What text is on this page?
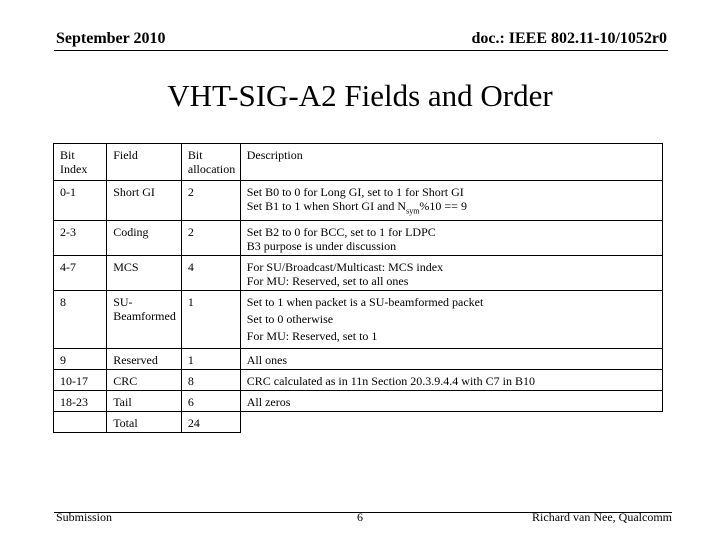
September 2010	doc.: IEEE 802.11-10/1052r0
VHT-SIG-A2 Fields and Order
Bit Index	Field	Bit allocation	Description
0-1	Short GI	2	Set B0 to 0 for Long GI, set to 1 for Short GI
Set B1 to 1 when Short GI and $N_{sym}\%10 == 9$

2-3	Coding	2	Set B2 to 0 for BCC, set to 1 for LDPC
B3 purpose is under discussion

4-7	MCS	4	For SU/Broadcast/Multicast: MCS index
For MU: Reserved, set to all ones

8	SU-Beamformed	1	Set to 1 when packet is a SU-beamformed packet
Set to 0 otherwise
For MU: Reserved, set to 1

9	Reserved	1	All ones

10-17	CRC	8	CRC calculated as in 11n Section 20.3.9.4.4 with C7 in B10

18-23	Tail	6	All zeros

	Total	24	
Submission	6	Richard van Nee, Qualcomm
